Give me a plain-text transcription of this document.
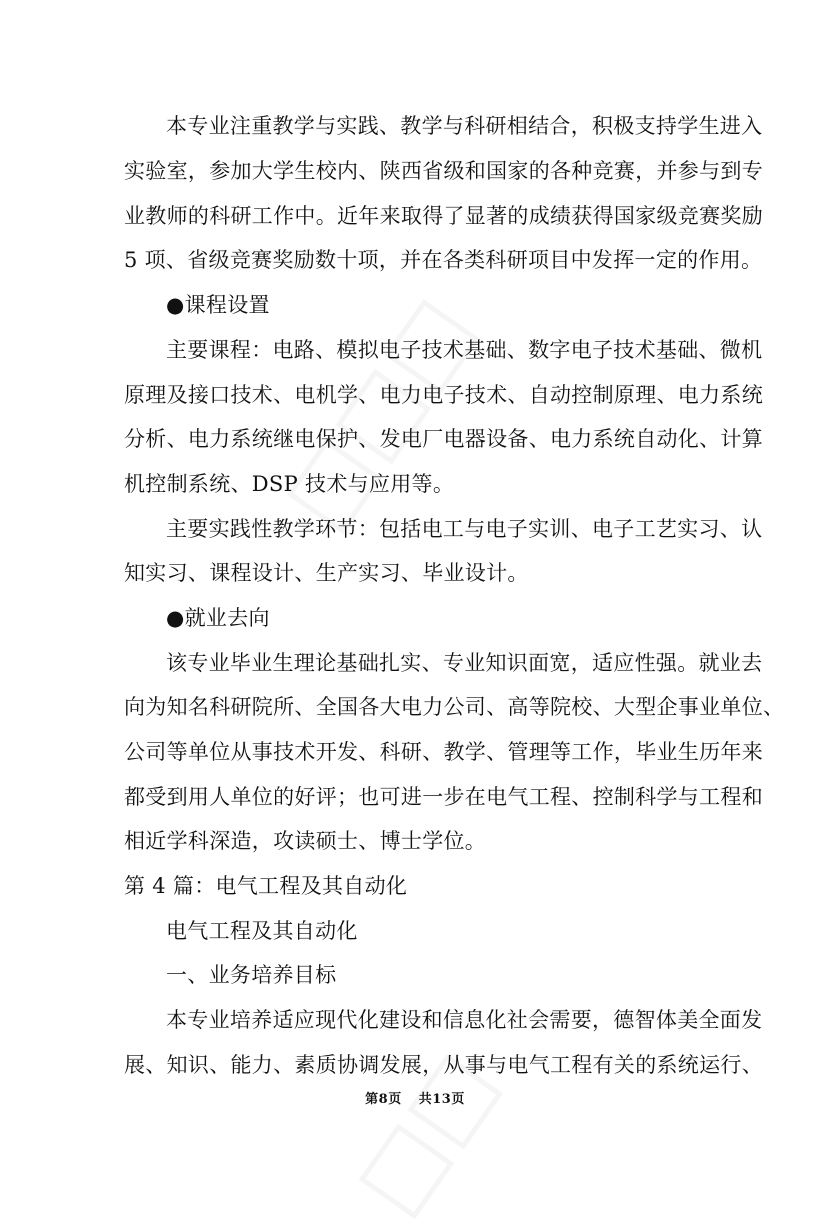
本专业注重教学与实践、教学与科研相结合，积极支持学生进入
实验室，参加大学生校内、陕西省级和国家的各种竞赛，并参与到专
业教师的科研工作中。近年来取得了显著的成绩获得国家级竞赛奖励
5 项、省级竞赛奖励数十项，并在各类科研项目中发挥一定的作用。
●课程设置
主要课程：电路、模拟电子技术基础、数字电子技术基础、微机
原理及接口技术、电机学、电力电子技术、自动控制原理、电力系统
分析、电力系统继电保护、发电厂电器设备、电力系统自动化、计算
机控制系统、DSP 技术与应用等。
主要实践性教学环节：包括电工与电子实训、电子工艺实习、认
知实习、课程设计、生产实习、毕业设计。
●就业去向
该专业毕业生理论基础扎实、专业知识面宽，适应性强。就业去
向为知名科研院所、全国各大电力公司、高等院校、大型企事业单位、
公司等单位从事技术开发、科研、教学、管理等工作，毕业生历年来
都受到用人单位的好评；也可进一步在电气工程、控制科学与工程和
相近学科深造，攻读硕士、博士学位。
第 4 篇：电气工程及其自动化
电气工程及其自动化
一、业务培养目标
本专业培养适应现代化建设和信息化社会需要，德智体美全面发
展、知识、能力、素质协调发展，从事与电气工程有关的系统运行、
第8页 共13页
